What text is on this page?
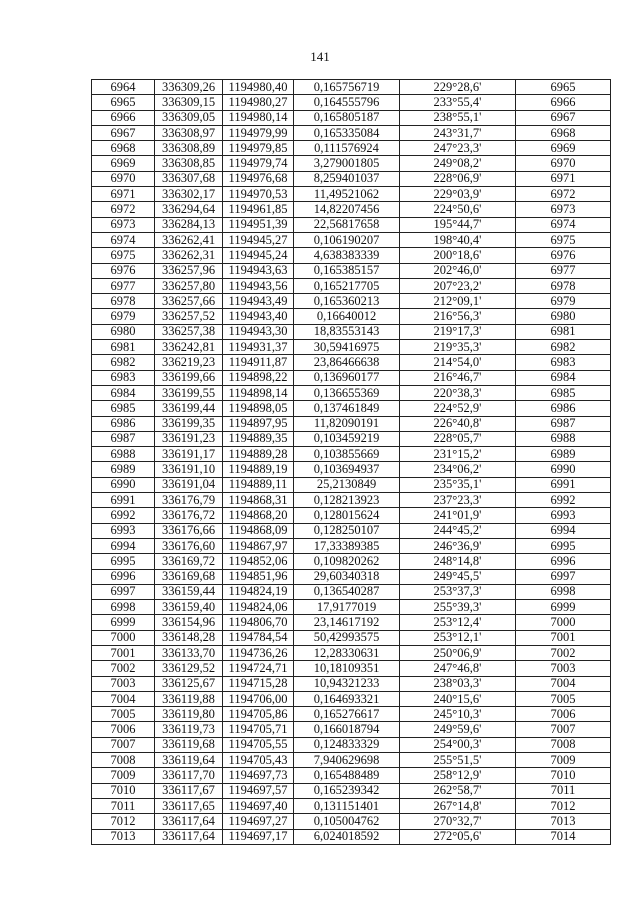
141
6964	336309,26	1194980,40	0,165756719	229°28,6'	6965
6965	336309,15	1194980,27	0,164555796	233°55,4'	6966
6966	336309,05	1194980,14	0,165805187	238°55,1'	6967
6967	336308,97	1194979,99	0,165335084	243°31,7'	6968
6968	336308,89	1194979,85	0,111576924	247°23,3'	6969
6969	336308,85	1194979,74	3,279001805	249°08,2'	6970
6970	336307,68	1194976,68	8,259401037	228°06,9'	6971
6971	336302,17	1194970,53	11,49521062	229°03,9'	6972
6972	336294,64	1194961,85	14,82207456	224°50,6'	6973
6973	336284,13	1194951,39	22,56817658	195°44,7'	6974
6974	336262,41	1194945,27	0,106190207	198°40,4'	6975
6975	336262,31	1194945,24	4,638383339	200°18,6'	6976
6976	336257,96	1194943,63	0,165385157	202°46,0'	6977
6977	336257,80	1194943,56	0,165217705	207°23,2'	6978
6978	336257,66	1194943,49	0,165360213	212°09,1'	6979
6979	336257,52	1194943,40	0,16640012	216°56,3'	6980
6980	336257,38	1194943,30	18,83553143	219°17,3'	6981
6981	336242,81	1194931,37	30,59416975	219°35,3'	6982
6982	336219,23	1194911,87	23,86466638	214°54,0'	6983
6983	336199,66	1194898,22	0,136960177	216°46,7'	6984
6984	336199,55	1194898,14	0,136655369	220°38,3'	6985
6985	336199,44	1194898,05	0,137461849	224°52,9'	6986
6986	336199,35	1194897,95	11,82090191	226°40,8'	6987
6987	336191,23	1194889,35	0,103459219	228°05,7'	6988
6988	336191,17	1194889,28	0,103855669	231°15,2'	6989
6989	336191,10	1194889,19	0,103694937	234°06,2'	6990
6990	336191,04	1194889,11	25,2130849	235°35,1'	6991
6991	336176,79	1194868,31	0,128213923	237°23,3'	6992
6992	336176,72	1194868,20	0,128015624	241°01,9'	6993
6993	336176,66	1194868,09	0,128250107	244°45,2'	6994
6994	336176,60	1194867,97	17,33389385	246°36,9'	6995
6995	336169,72	1194852,06	0,109820262	248°14,8'	6996
6996	336169,68	1194851,96	29,60340318	249°45,5'	6997
6997	336159,44	1194824,19	0,136540287	253°37,3'	6998
6998	336159,40	1194824,06	17,9177019	255°39,3'	6999
6999	336154,96	1194806,70	23,14617192	253°12,4'	7000
7000	336148,28	1194784,54	50,42993575	253°12,1'	7001
7001	336133,70	1194736,26	12,28330631	250°06,9'	7002
7002	336129,52	1194724,71	10,18109351	247°46,8'	7003
7003	336125,67	1194715,28	10,94321233	238°03,3'	7004
7004	336119,88	1194706,00	0,164693321	240°15,6'	7005
7005	336119,80	1194705,86	0,165276617	245°10,3'	7006
7006	336119,73	1194705,71	0,166018794	249°59,6'	7007
7007	336119,68	1194705,55	0,124833329	254°00,3'	7008
7008	336119,64	1194705,43	7,940629698	255°51,5'	7009
7009	336117,70	1194697,73	0,165488489	258°12,9'	7010
7010	336117,67	1194697,57	0,165239342	262°58,7'	7011
7011	336117,65	1194697,40	0,131151401	267°14,8'	7012
7012	336117,64	1194697,27	0,105004762	270°32,7'	7013
7013	336117,64	1194697,17	6,024018592	272°05,6'	7014
